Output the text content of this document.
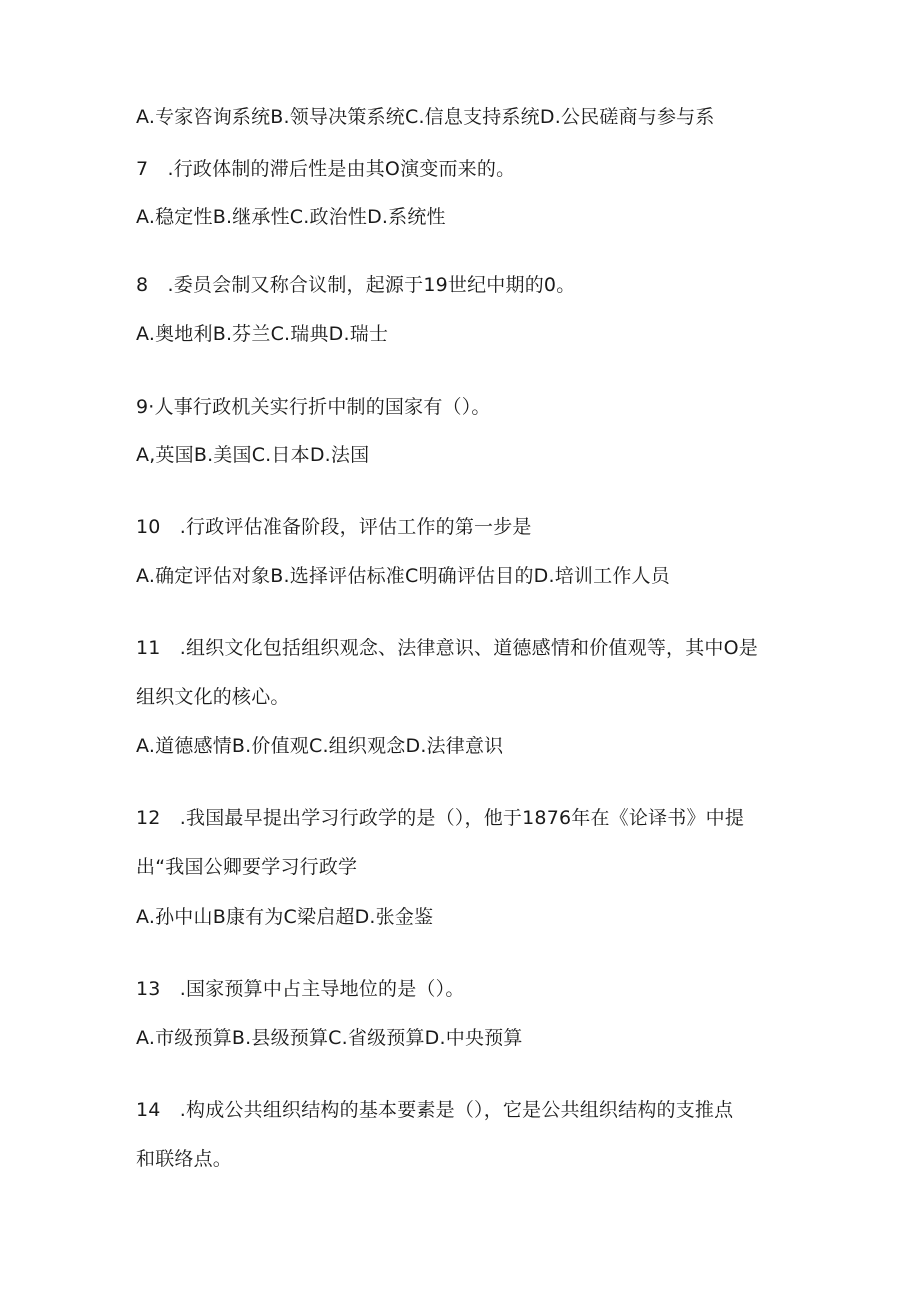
A.专家咨询系统B.领导决策系统C.信息支持系统D.公民磋商与参与系
7　.行政体制的滞后性是由其O演变而来的。
A.稳定性B.继承性C.政治性D.系统性
8　.委员会制又称合议制，起源于19世纪中期的0。
A.奥地利B.芬兰C.瑞典D.瑞士
9·人事行政机关实行折中制的国家有（）。
A,英国B.美国C.日本D.法国
10　.行政评估准备阶段，评估工作的第一步是
A.确定评估对象B.选择评估标准C明确评估目的D.培训工作人员
11　.组织文化包括组织观念、法律意识、道德感情和价值观等，其中O是
组织文化的核心。
A.道德感情B.价值观C.组织观念D.法律意识
12　.我国最早提出学习行政学的是（），他于1876年在《论译书》中提
出“我国公卿要学习行政学
A.孙中山B康有为C梁启超D.张金鉴
13　.国家预算中占主导地位的是（）。
A.市级预算B.县级预算C.省级预算D.中央预算
14　.构成公共组织结构的基本要素是（），它是公共组织结构的支推点
和联络点。
